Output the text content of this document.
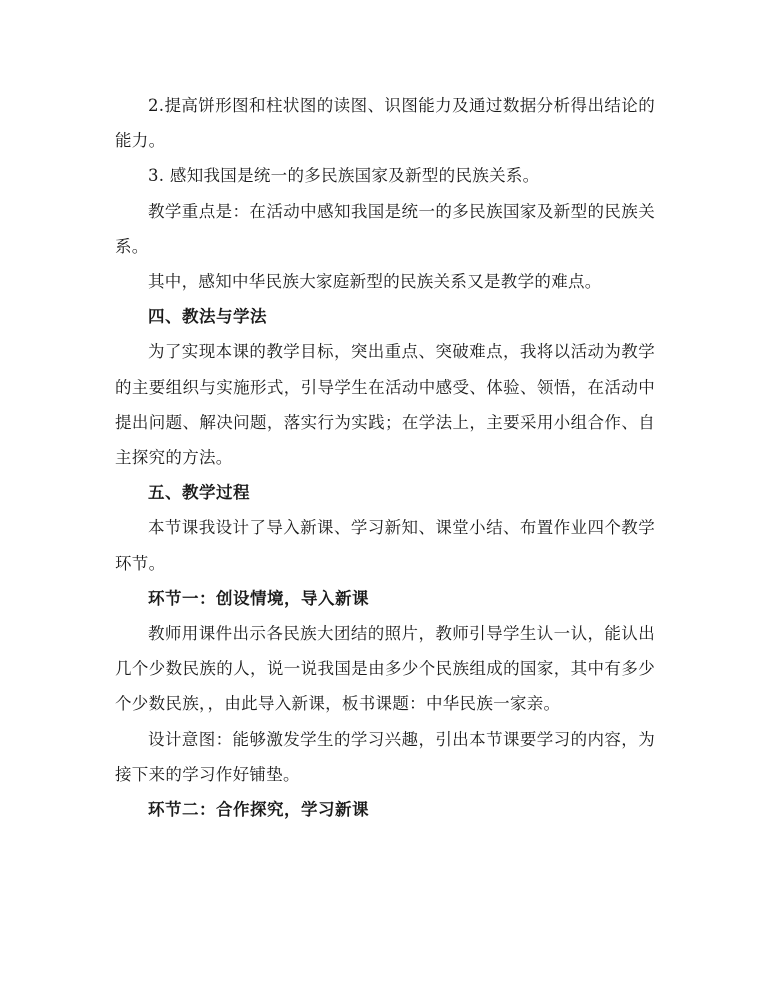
2.提高饼形图和柱状图的读图、识图能力及通过数据分析得出结论的能力。

3. 感知我国是统一的多民族国家及新型的民族关系。

教学重点是：在活动中感知我国是统一的多民族国家及新型的民族关系。

其中，感知中华民族大家庭新型的民族关系又是教学的难点。

四、教法与学法

为了实现本课的教学目标，突出重点、突破难点，我将以活动为教学的主要组织与实施形式，引导学生在活动中感受、体验、领悟，在活动中提出问题、解决问题，落实行为实践；在学法上，主要采用小组合作、自主探究的方法。

五、教学过程

本节课我设计了导入新课、学习新知、课堂小结、布置作业四个教学环节。

环节一：创设情境，导入新课

教师用课件出示各民族大团结的照片，教师引导学生认一认，能认出几个少数民族的人，说一说我国是由多少个民族组成的国家，其中有多少个少数民族，，由此导入新课，板书课题：中华民族一家亲。

设计意图：能够激发学生的学习兴趣，引出本节课要学习的内容，为接下来的学习作好铺垫。

环节二：合作探究，学习新课
